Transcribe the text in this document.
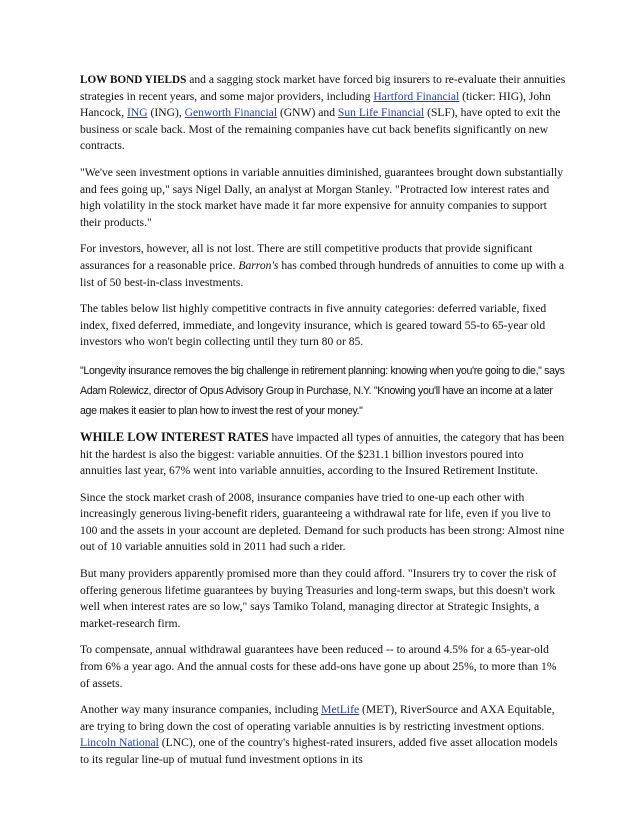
LOW BOND YIELDS and a sagging stock market have forced big insurers to re-evaluate their annuities strategies in recent years, and some major providers, including Hartford Financial (ticker: HIG), John Hancock, ING (ING), Genworth Financial (GNW) and Sun Life Financial (SLF), have opted to exit the business or scale back. Most of the remaining companies have cut back benefits significantly on new contracts.

"We've seen investment options in variable annuities diminished, guarantees brought down substantially and fees going up," says Nigel Dally, an analyst at Morgan Stanley. "Protracted low interest rates and high volatility in the stock market have made it far more expensive for annuity companies to support their products."

For investors, however, all is not lost. There are still competitive products that provide significant assurances for a reasonable price. Barron's has combed through hundreds of annuities to come up with a list of 50 best-in-class investments.

The tables below list highly competitive contracts in five annuity categories: deferred variable, fixed index, fixed deferred, immediate, and longevity insurance, which is geared toward 55-to 65-year old investors who won't begin collecting until they turn 80 or 85.

"Longevity insurance removes the big challenge in retirement planning: knowing when you're going to die," says Adam Rolewicz, director of Opus Advisory Group in Purchase, N.Y. "Knowing you'll have an income at a later age makes it easier to plan how to invest the rest of your money."

WHILE LOW INTEREST RATES have impacted all types of annuities, the category that has been hit the hardest is also the biggest: variable annuities. Of the $231.1 billion investors poured into annuities last year, 67% went into variable annuities, according to the Insured Retirement Institute.

Since the stock market crash of 2008, insurance companies have tried to one-up each other with increasingly generous living-benefit riders, guaranteeing a withdrawal rate for life, even if you live to 100 and the assets in your account are depleted. Demand for such products has been strong: Almost nine out of 10 variable annuities sold in 2011 had such a rider.

But many providers apparently promised more than they could afford. "Insurers try to cover the risk of offering generous lifetime guarantees by buying Treasuries and long-term swaps, but this doesn't work well when interest rates are so low," says Tamiko Toland, managing director at Strategic Insights, a market-research firm.

To compensate, annual withdrawal guarantees have been reduced -- to around 4.5% for a 65-year-old from 6% a year ago. And the annual costs for these add-ons have gone up about 25%, to more than 1% of assets.

Another way many insurance companies, including MetLife (MET), RiverSource and AXA Equitable, are trying to bring down the cost of operating variable annuities is by restricting investment options. Lincoln National (LNC), one of the country's highest-rated insurers, added five asset allocation models to its regular line-up of mutual fund investment options in its
